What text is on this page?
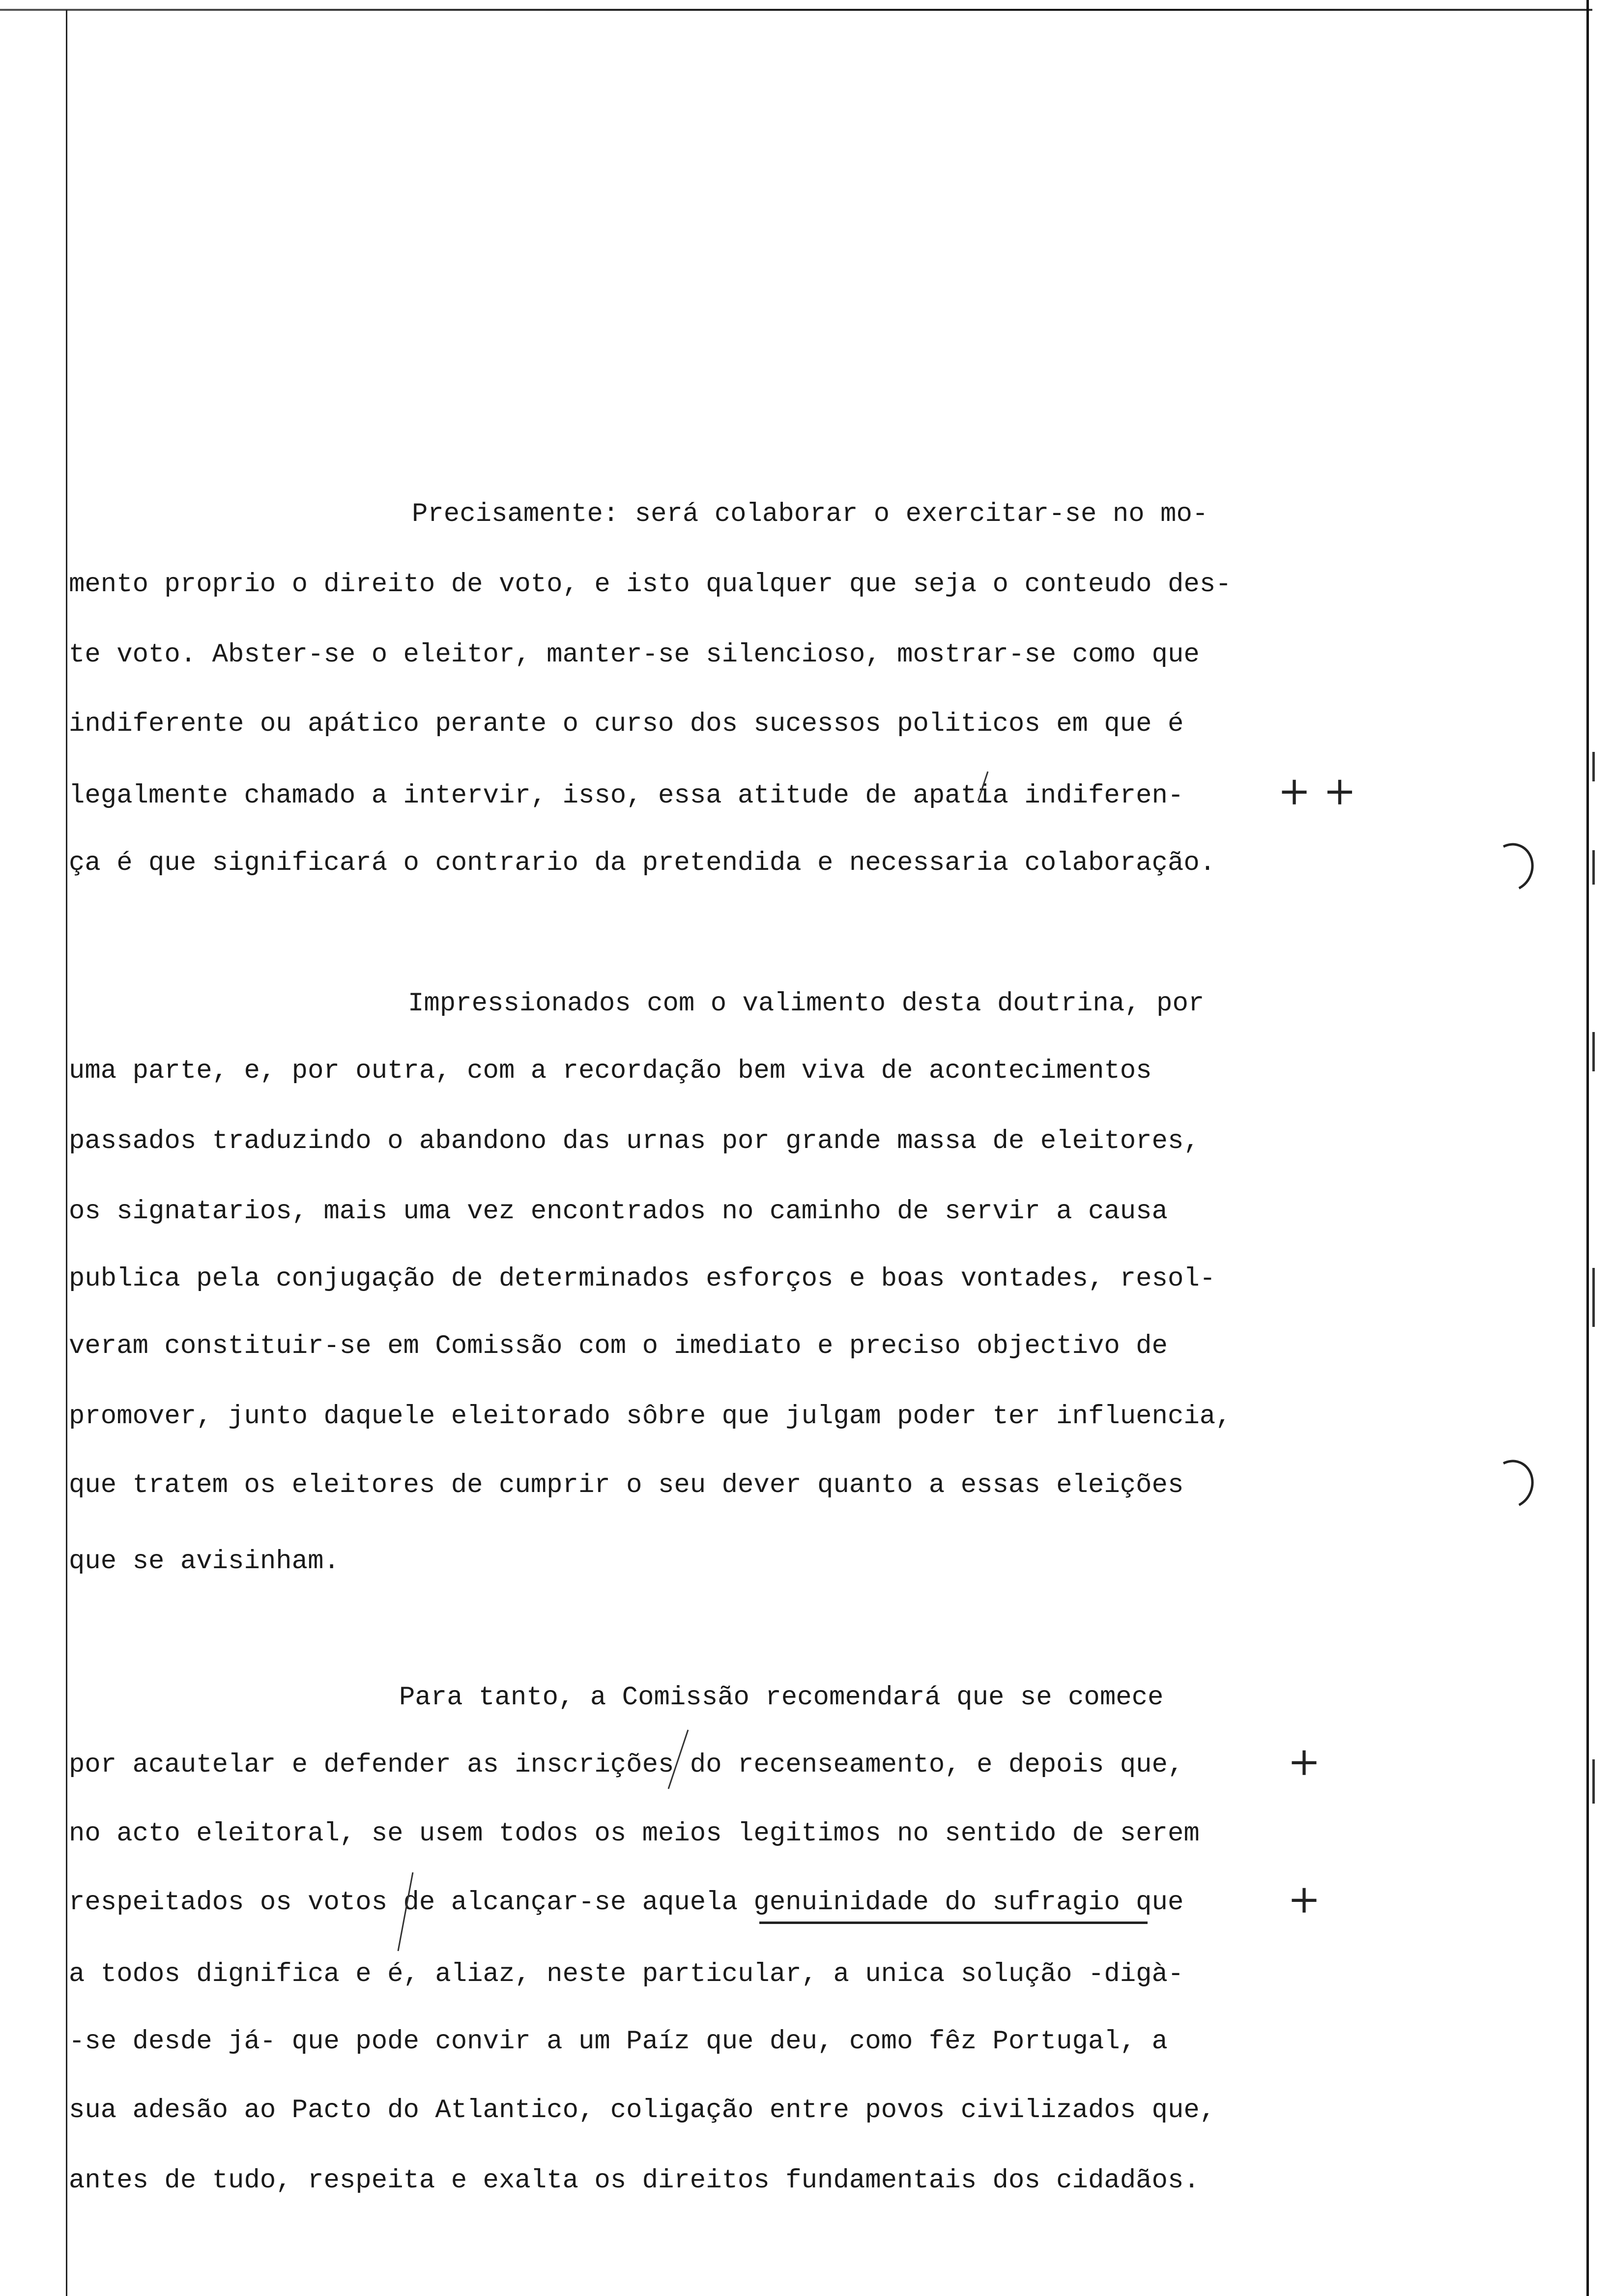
Precisamente: será colaborar o exercitar-se no mo-
mento proprio o direito de voto, e isto qualquer que seja o conteudo des-
te voto. Abster-se o eleitor, manter-se silencioso, mostrar-se como que
indiferente ou apático perante o curso dos sucessos politicos em que é
legalmente chamado a intervir, isso, essa atitude de apatia indiferen-
ça é que significará o contrario da pretendida e necessaria colaboração.
Impressionados com o valimento desta doutrina, por
uma parte, e, por outra, com a recordação bem viva de acontecimentos
passados traduzindo o abandono das urnas por grande massa de eleitores,
os signatarios, mais uma vez encontrados no caminho de servir a causa
publica pela conjugação de determinados esforços e boas vontades, resol-
veram constituir-se em Comissão com o imediato e preciso objectivo de
promover, junto daquele eleitorado sôbre que julgam poder ter influencia,
que tratem os eleitores de cumprir o seu dever quanto a essas eleições
que se avisinham.
Para tanto, a Comissão recomendará que se comece
por acautelar e defender as inscrições do recenseamento, e depois que,
no acto eleitoral, se usem todos os meios legitimos no sentido de serem
respeitados os votos de alcançar-se aquela genuinidade do sufragio que
a todos dignifica e é, aliaz, neste particular, a unica solução -digà-
-se desde já- que pode convir a um Paíz que deu, como fêz Portugal, a
sua adesão ao Pacto do Atlantico, coligação entre povos civilizados que,
antes de tudo, respeita e exalta os direitos fundamentais dos cidadãos.
+ +
+
+
